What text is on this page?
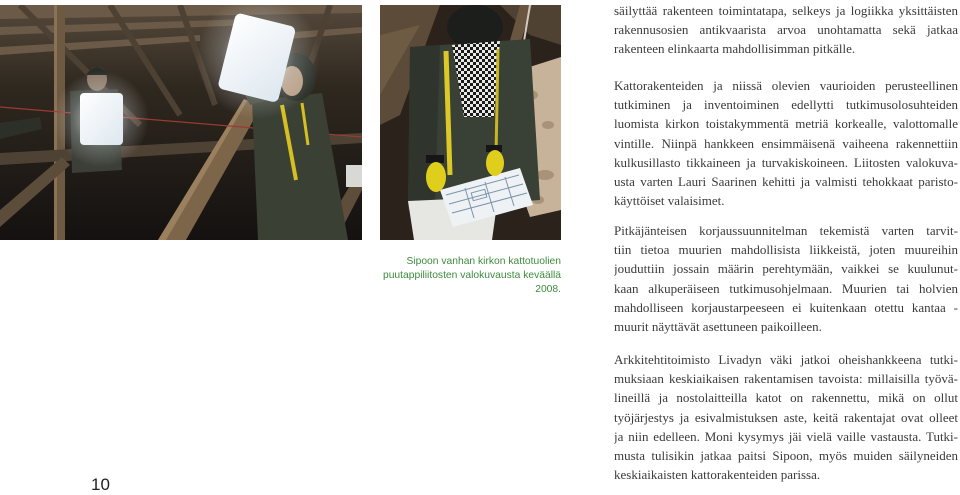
Sipoon vanhan kirkon kattotuolien
puutappiliitosten valokuvausta keväällä
2008.
10
säilyttää rakenteen toimintatapa, selkeys ja logiikka yksittäisten
rakennusosien antikvaarista arvoa unohtamatta sekä jatkaa
rakenteen elinkaarta mahdollisimman pitkälle.
Kattorakenteiden ja niissä olevien vaurioiden perusteellinen
tutkiminen ja inventoiminen edellytti tutkimusolosuhteiden
luomista kirkon toistakymmentä metriä korkealle, valottomalle
vintille. Niinpä hankkeen ensimmäisenä vaiheena rakennettiin
kulkusillasto tikkaineen ja turvakiskoineen. Liitosten valokuva-
usta varten Lauri Saarinen kehitti ja valmisti tehokkaat paristo-
käyttöiset valaisimet.
Pitkäjänteisen korjaussuunnitelman tekemistä varten tarvit-
tiin tietoa muurien mahdollisista liikkeistä, joten muureihin
jouduttiin jossain määrin perehtymään, vaikkei se kuulunut-
kaan alkuperäiseen tutkimusohjelmaan. Muurien tai holvien
mahdolliseen korjaustarpeeseen ei kuitenkaan otettu kantaa -
muurit näyttävät asettuneen paikoilleen.
Arkkitehtitoimisto Livadyn väki jatkoi oheishankkeena tutki-
muksiaan keskiaikaisen rakentamisen tavoista: millaisilla työvä-
lineillä ja nostolaitteilla katot on rakennettu, mikä on ollut
työjärjestys ja esivalmistuksen aste, keitä rakentajat ovat olleet
ja niin edelleen. Moni kysymys jäi vielä vaille vastausta. Tutki-
musta tulisikin jatkaa paitsi Sipoon, myös muiden säilyneiden
keskiaikaisten kattorakenteiden parissa.
